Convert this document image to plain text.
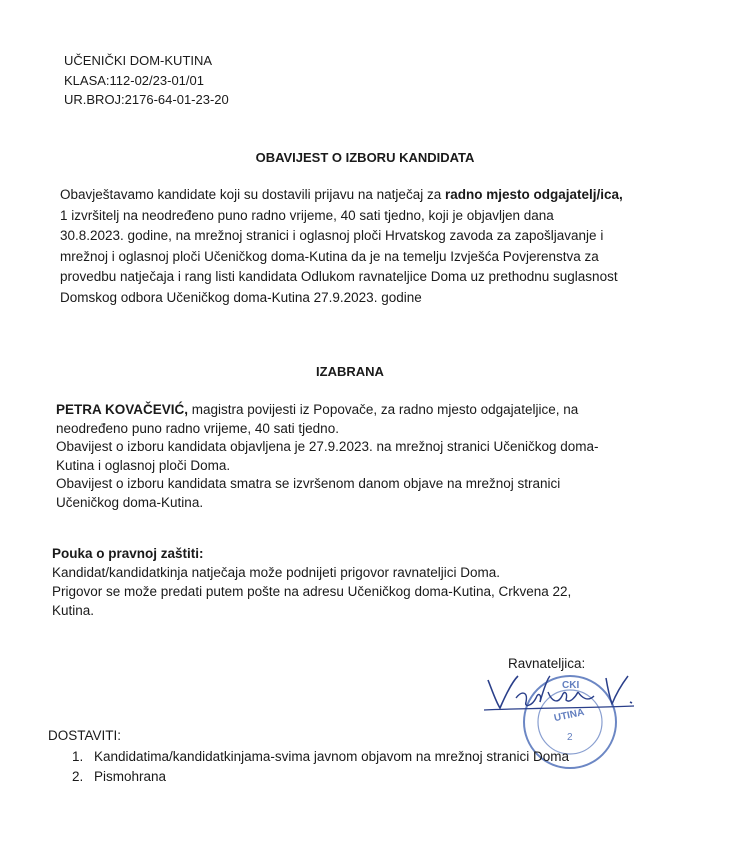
UČENIČKI DOM-KUTINA
KLASA:112-02/23-01/01
UR.BROJ:2176-64-01-23-20
OBAVIJEST O IZBORU KANDIDATA
Obavještavamo kandidate koji su dostavili prijavu na natječaj za radno mjesto odgajatelj/ica,
1 izvršitelj na neodređeno puno radno vrijeme, 40 sati tjedno, koji je objavljen dana
30.8.2023. godine, na mrežnoj stranici i oglasnoj ploči Hrvatskog zavoda za zapošljavanje i
mrežnoj i oglasnoj ploči Učeničkog doma-Kutina da je na temelju Izvješća Povjerenstva za
provedbu natječaja i rang listi kandidata Odlukom ravnateljice Doma uz prethodnu suglasnost
Domskog odbora Učeničkog doma-Kutina 27.9.2023. godine
IZABRANA
PETRA KOVAČEVIĆ, magistra povijesti iz Popovače, za radno mjesto odgajateljice, na
neodređeno puno radno vrijeme, 40 sati tjedno.
Obavijest o izboru kandidata objavljena je 27.9.2023. na mrežnoj stranici Učeničkog doma-
Kutina i oglasnoj ploči Doma.
Obavijest o izboru kandidata smatra se izvršenom danom objave na mrežnoj stranici
Učeničkog doma-Kutina.
Pouka o pravnoj zaštiti:
Kandidat/kandidatkinja natječaja može podnijeti prigovor ravnateljici Doma.
Prigovor se može predati putem pošte na adresu Učeničkog doma-Kutina, Crkvena 22,
Kutina.
Ravnateljica:
CKI
UTINA
2
DOSTAVITI:
1. Kandidatima/kandidatkinjama-svima javnom objavom na mrežnoj stranici Doma
2. Pismohrana
